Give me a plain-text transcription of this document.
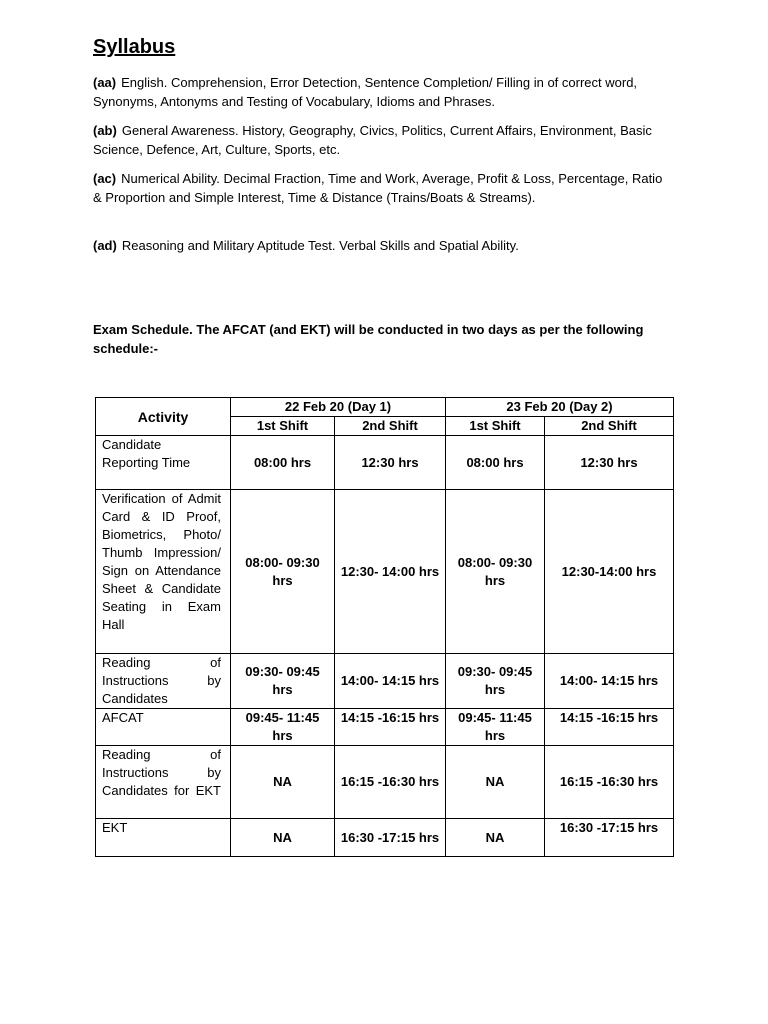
Syllabus

(aa) English. Comprehension, Error Detection, Sentence Completion/ Filling in of correct word, Synonyms, Antonyms and Testing of Vocabulary, Idioms and Phrases.

(ab) General Awareness. History, Geography, Civics, Politics, Current Affairs, Environment, Basic Science, Defence, Art, Culture, Sports, etc.

(ac) Numerical Ability. Decimal Fraction, Time and Work, Average, Profit & Loss, Percentage, Ratio & Proportion and Simple Interest, Time & Distance (Trains/Boats & Streams).

(ad) Reasoning and Military Aptitude Test. Verbal Skills and Spatial Ability.

Exam Schedule. The AFCAT (and EKT) will be conducted in two days as per the following schedule:-

Activity	22 Feb 20 (Day 1)		23 Feb 20 (Day 2)	
	1st Shift	2nd Shift	1st Shift	2nd Shift
Candidate Reporting Time	08:00 hrs	12:30 hrs	08:00 hrs	12:30 hrs
Verification of Admit Card & ID Proof, Biometrics, Photo/ Thumb Impression/ Sign on Attendance Sheet & Candidate Seating in Exam Hall	08:00- 09:30 hrs	12:30- 14:00 hrs	08:00- 09:30 hrs	12:30-14:00 hrs
Reading of Instructions by Candidates	09:30- 09:45 hrs	14:00- 14:15 hrs	09:30- 09:45 hrs	14:00- 14:15 hrs
AFCAT	09:45- 11:45 hrs	14:15 -16:15 hrs	09:45- 11:45 hrs	14:15 -16:15 hrs
Reading of Instructions by Candidates for EKT	NA	16:15 -16:30 hrs	NA	16:15 -16:30 hrs
EKT	NA	16:30 -17:15 hrs	NA	16:30 -17:15 hrs
